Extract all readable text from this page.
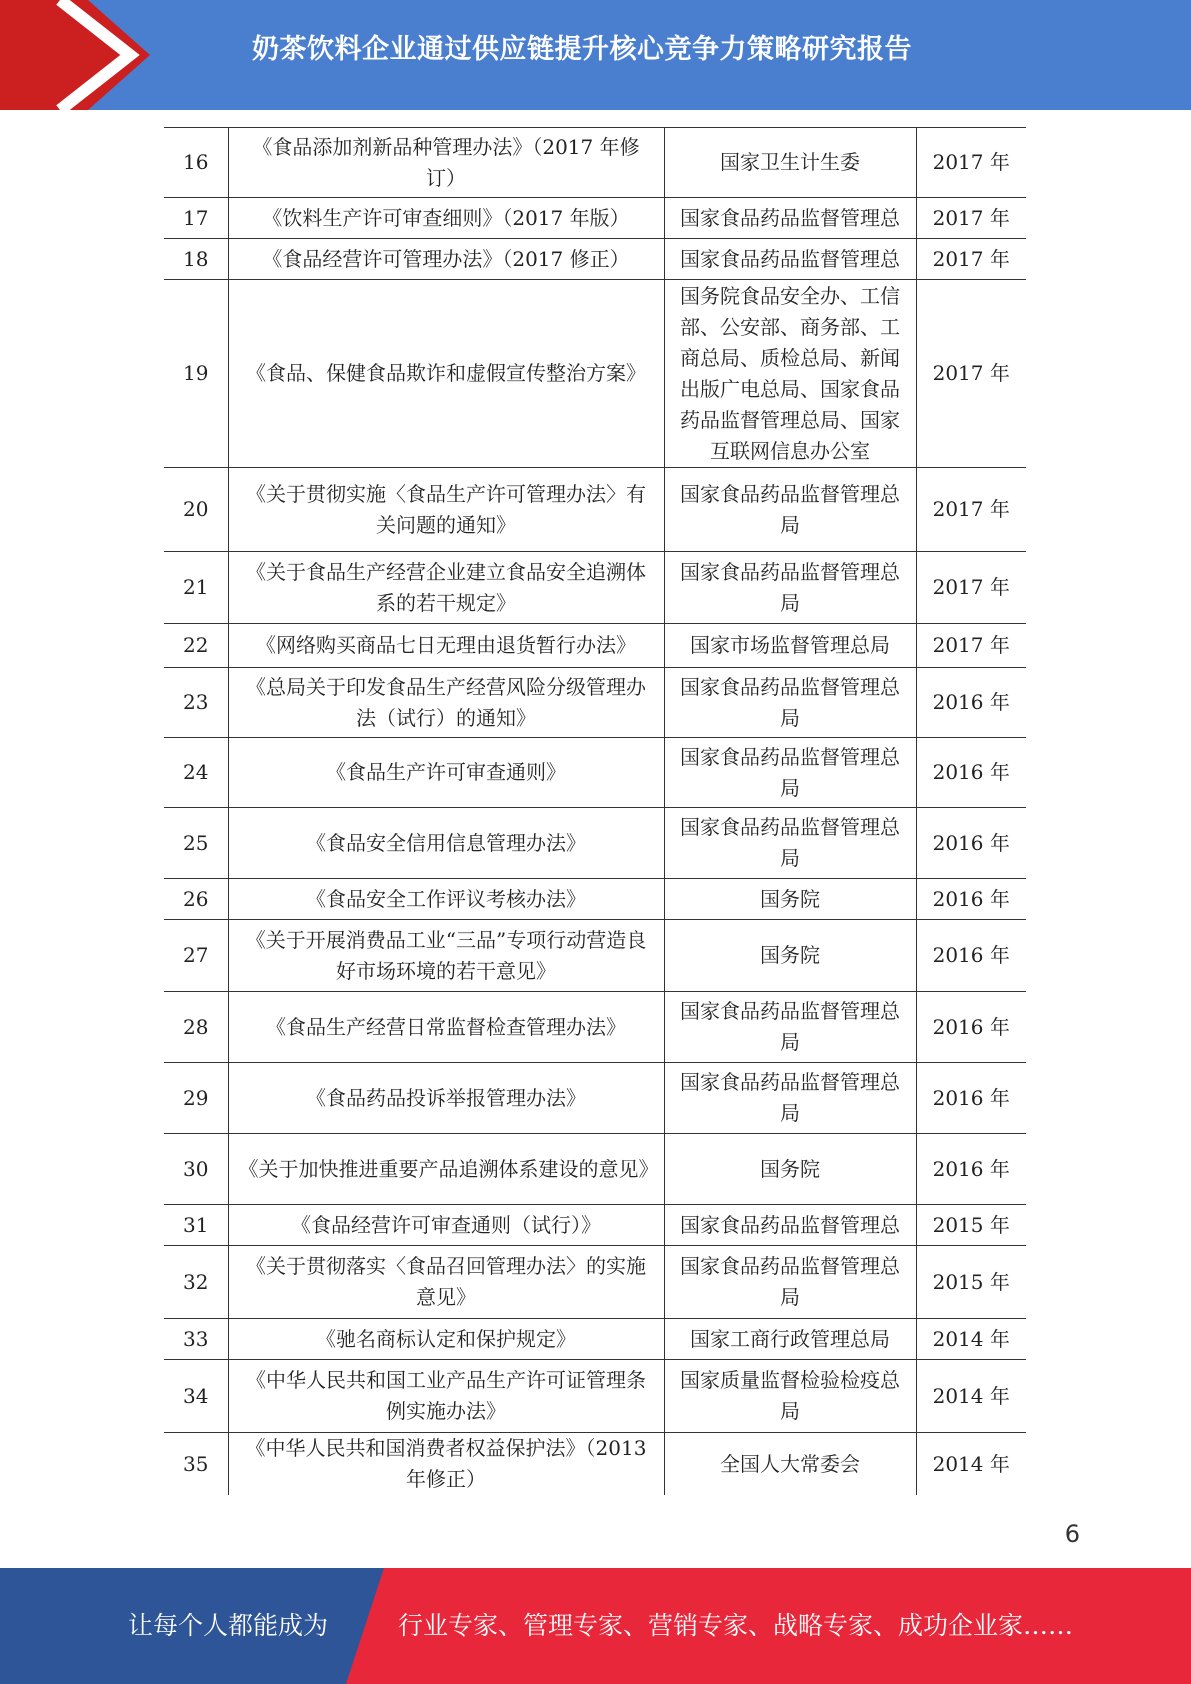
奶茶饮料企业通过供应链提升核心竞争力策略研究报告
16	《食品添加剂新品种管理办法》（2017 年修订）	国家卫生计生委	2017 年
17	《饮料生产许可审查细则》（2017 年版）	国家食品药品监督管理总	2017 年
18	《食品经营许可管理办法》（2017 修正）	国家食品药品监督管理总	2017 年
19	《食品、保健食品欺诈和虚假宣传整治方案》	国务院食品安全办、工信部、公安部、商务部、工商总局、质检总局、新闻出版广电总局、国家食品药品监督管理总局、国家互联网信息办公室	2017 年
20	《关于贯彻实施〈食品生产许可管理办法〉有关问题的通知》	国家食品药品监督管理总局	2017 年
21	《关于食品生产经营企业建立食品安全追溯体系的若干规定》	国家食品药品监督管理总局	2017 年
22	《网络购买商品七日无理由退货暂行办法》	国家市场监督管理总局	2017 年
23	《总局关于印发食品生产经营风险分级管理办法（试行）的通知》	国家食品药品监督管理总局	2016 年
24	《食品生产许可审查通则》	国家食品药品监督管理总局	2016 年
25	《食品安全信用信息管理办法》	国家食品药品监督管理总局	2016 年
26	《食品安全工作评议考核办法》	国务院	2016 年
27	《关于开展消费品工业“三品”专项行动营造良好市场环境的若干意见》	国务院	2016 年
28	《食品生产经营日常监督检查管理办法》	国家食品药品监督管理总局	2016 年
29	《食品药品投诉举报管理办法》	国家食品药品监督管理总局	2016 年
30	《关于加快推进重要产品追溯体系建设的意见》	国务院	2016 年
31	《食品经营许可审查通则（试行）》	国家食品药品监督管理总	2015 年
32	《关于贯彻落实〈食品召回管理办法〉的实施意见》	国家食品药品监督管理总局	2015 年
33	《驰名商标认定和保护规定》	国家工商行政管理总局	2014 年
34	《中华人民共和国工业产品生产许可证管理条例实施办法》	国家质量监督检验检疫总局	2014 年
35	《中华人民共和国消费者权益保护法》（2013 年修正）	全国人大常委会	2014 年
6
让每个人都能成为	行业专家、管理专家、营销专家、战略专家、成功企业家……
